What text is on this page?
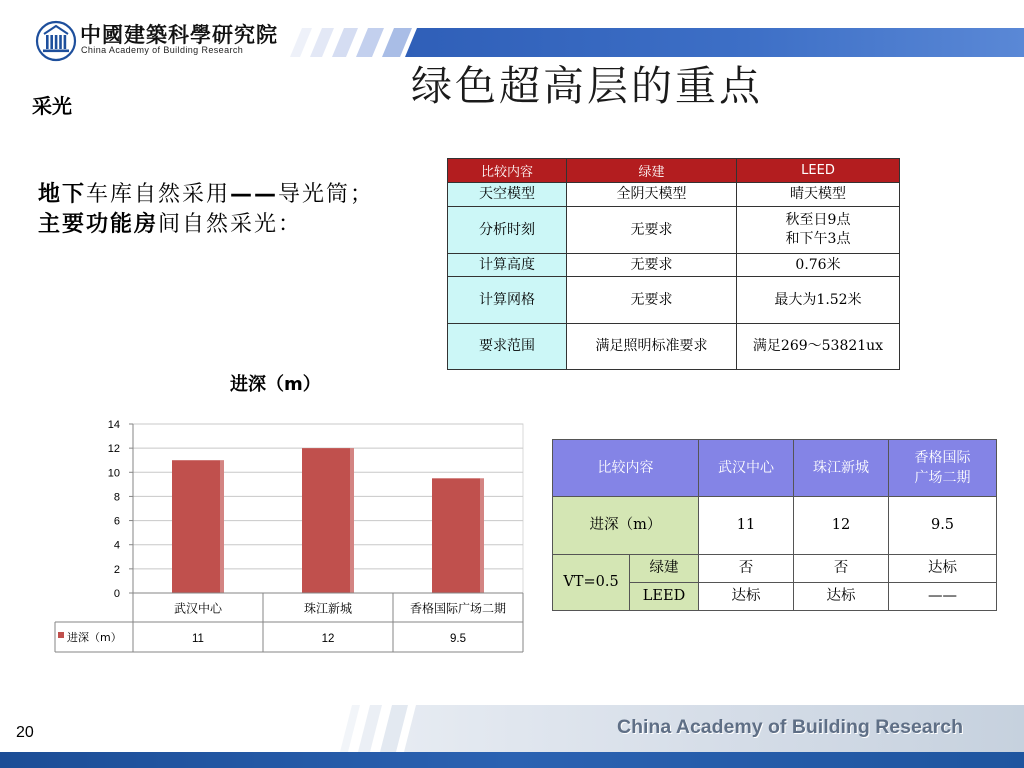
中國建築科學研究院
China Academy of Building Research
绿色超高层的重点
采光
地下车库自然采用——导光筒；
主要功能房间自然采光：
比较内容	绿建	LEED
天空模型	全阴天模型	晴天模型
分析时刻	无要求	秋至日9点
和下午3点
计算高度	无要求	0.76米
计算网格	无要求	最大为1.52米
要求范围	满足照明标准要求	满足269～53821ux
进深（m）
0
2
4
6
8
10
12
14
武汉中心
11
珠江新城
12
香格国际广场二期
9.5
进深（m）
比较内容		武汉中心	珠江新城	香格国际
广场二期
进深（m）		11	12	9.5
VT=0.5	绿建	否	否	达标
	LEED	达标	达标	——
20	China Academy of Building Research
